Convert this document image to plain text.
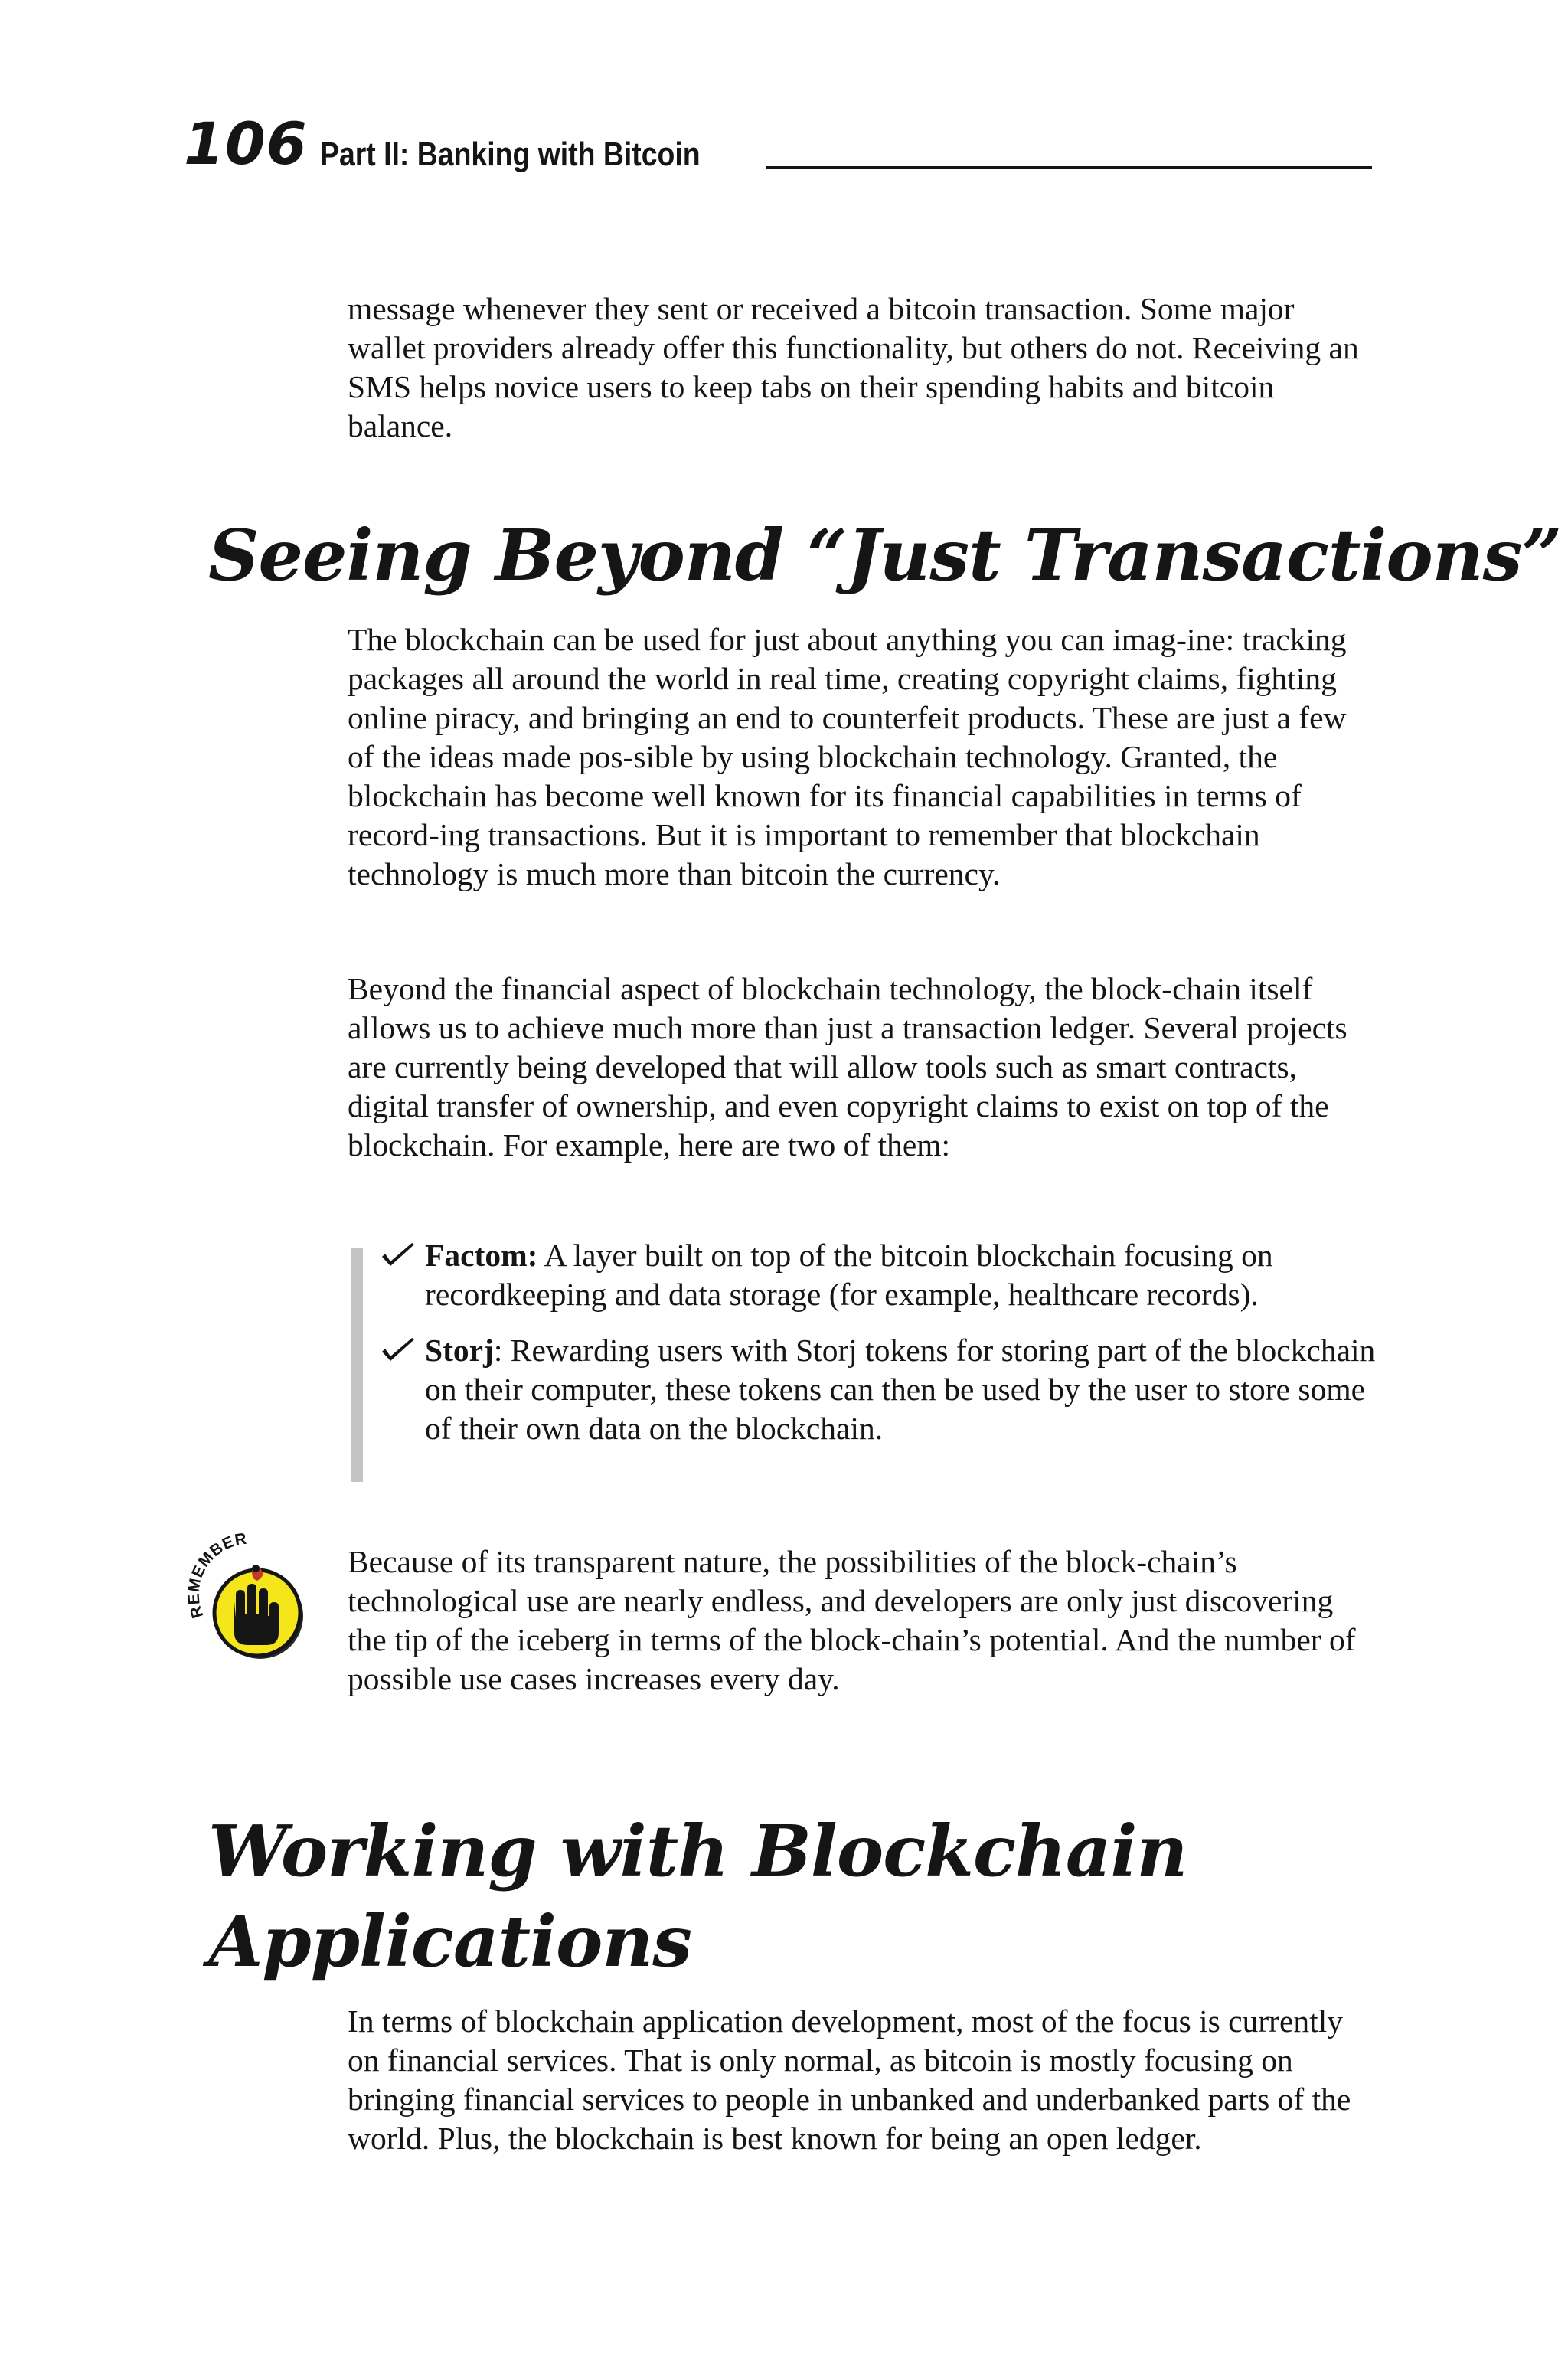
106 Part II: Banking with Bitcoin

message whenever they sent or received a bitcoin transaction. Some major wallet providers already offer this functionality, but others do not. Receiving an SMS helps novice users to keep tabs on their spending habits and bitcoin balance.

Seeing Beyond “Just Transactions”

The blockchain can be used for just about anything you can imag-ine: tracking packages all around the world in real time, creating copyright claims, fighting online piracy, and bringing an end to counterfeit products. These are just a few of the ideas made pos-sible by using blockchain technology. Granted, the blockchain has become well known for its financial capabilities in terms of record-ing transactions. But it is important to remember that blockchain technology is much more than bitcoin the currency.

Beyond the financial aspect of blockchain technology, the block-chain itself allows us to achieve much more than just a transaction ledger. Several projects are currently being developed that will allow tools such as smart contracts, digital transfer of ownership, and even copyright claims to exist on top of the blockchain. For example, here are two of them:

Factom: A layer built on top of the bitcoin blockchain focusing on recordkeeping and data storage (for example, healthcare records).
Storj: Rewarding users with Storj tokens for storing part of the blockchain on their computer, these tokens can then be used by the user to store some of their own data on the blockchain.
REMEMBER

Because of its transparent nature, the possibilities of the block-chain’s technological use are nearly endless, and developers are only just discovering the tip of the iceberg in terms of the block-chain’s potential. And the number of possible use cases increases every day.

Working with Blockchain
Applications

In terms of blockchain application development, most of the focus is currently on financial services. That is only normal, as bitcoin is mostly focusing on bringing financial services to people in unbanked and underbanked parts of the world. Plus, the blockchain is best known for being an open ledger.
